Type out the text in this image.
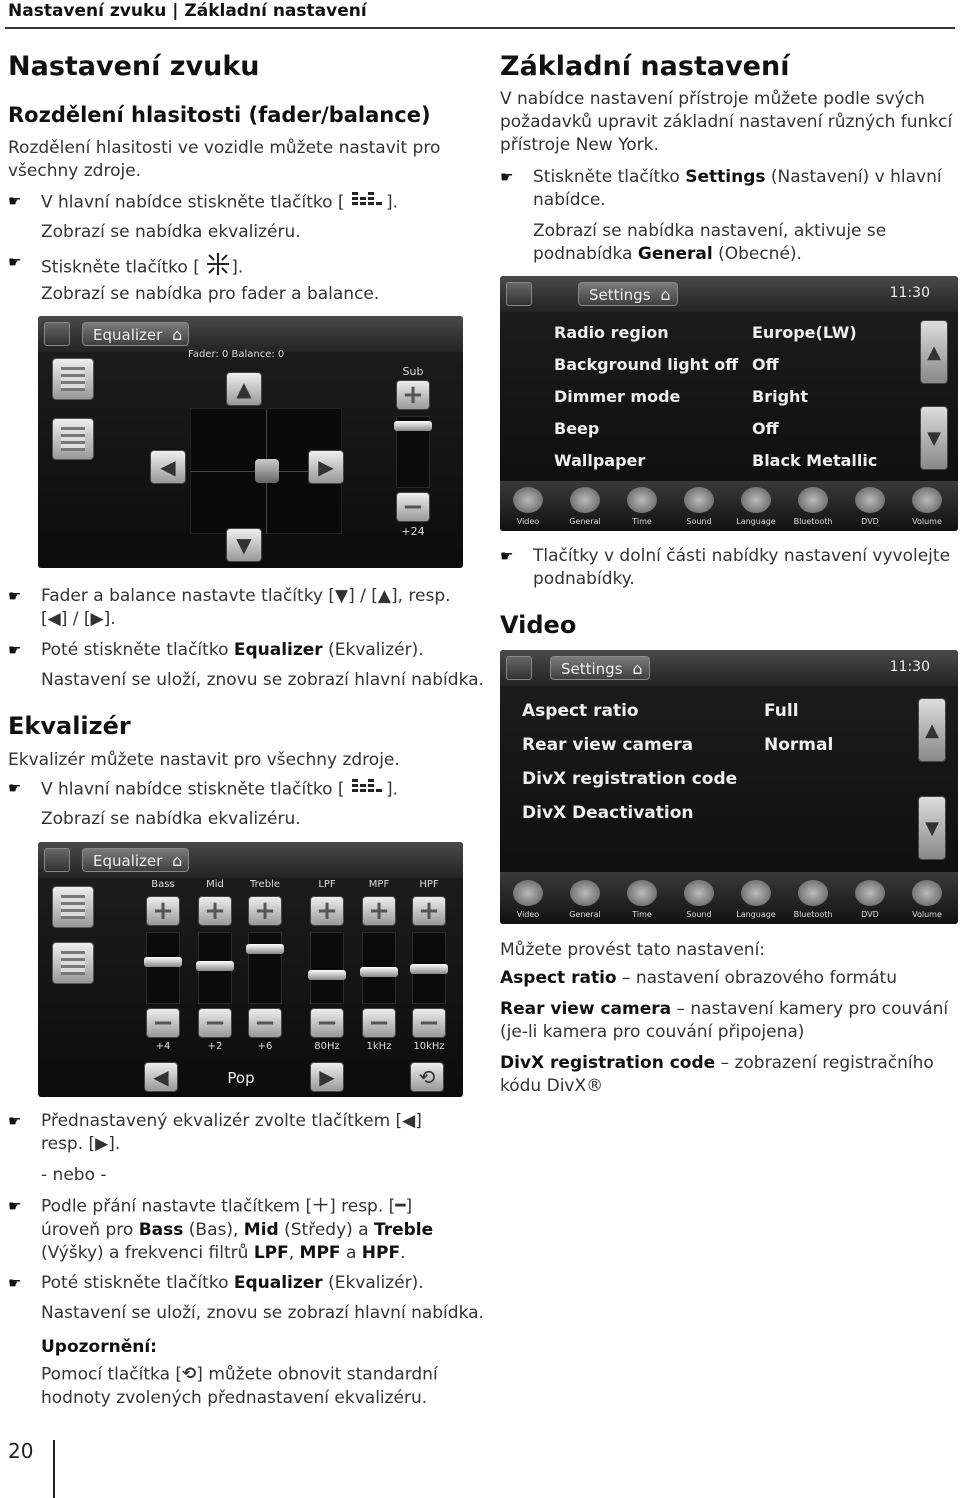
Nastavení zvuku | Základní nastavení
Nastavení zvuku
Rozdělení hlasitosti (fader/balance)
Rozdělení hlasitosti ve vozidle můžete nastavit pro všechny zdroje.
☛	V hlavní nabídce stiskněte tlačítko [ ].
Zobrazí se nabídka ekvalizéru.
☛	Stiskněte tlačítko [ ].
Zobrazí se nabídka pro fader a balance.
Equalizer ⌂
Fader: 0 Balance: 0
▲
▼
◀	▶
Sub
+
−
+24
☛	Fader a balance nastavte tlačítky [▼] / [▲], resp. [◀] / [▶].
☛	Poté stiskněte tlačítko Equalizer (Ekvalizér).
Nastavení se uloží, znovu se zobrazí hlavní nabídka.
Ekvalizér
Ekvalizér můžete nastavit pro všechny zdroje.
☛	V hlavní nabídce stiskněte tlačítko [ ].
Zobrazí se nabídka ekvalizéru.
Equalizer ⌂
Bass
+
−
+4
Mid
+
−
+2
Treble
+
−
+6
LPF
+
−
80Hz
MPF
+
−
1kHz
HPF
+
−
10kHz
◀	Pop	▶	⟲
☛	Přednastavený ekvalizér zvolte tlačítkem [◀] resp. [▶].
- nebo -
☛	Podle přání nastavte tlačítkem [＋] resp. [━] úroveň pro Bass (Bas), Mid (Středy) a Treble (Výšky) a frekvenci filtrů LPF, MPF a HPF.
☛	Poté stiskněte tlačítko Equalizer (Ekvalizér).
Nastavení se uloží, znovu se zobrazí hlavní nabídka.
Upozornění:
Pomocí tlačítka [⟲] můžete obnovit standardní hodnoty zvolených přednastavení ekvalizéru.
20
Základní nastavení
V nabídce nastavení přístroje můžete podle svých požadavků upravit základní nastavení různých funkcí přístroje New York.
☛	Stiskněte tlačítko Settings (Nastavení) v hlavní nabídce.
Zobrazí se nabídka nastavení, aktivuje se podnabídka General (Obecné).
Settings ⌂	11:30
Radio region	Europe(LW)
Background light off Off
Dimmer mode	Bright
Beep	Off
Wallpaper	Black Metallic
▲
▼
Video	General	Time	Sound	Language	Bluetooth	DVD	Volume
☛	Tlačítky v dolní části nabídky nastavení vyvolejte podnabídky.
Video
Settings ⌂	11:30
Aspect ratio	Full
Rear view camera	Normal
DivX registration code
DivX Deactivation
▲
▼
Video	General	Time	Sound	Language	Bluetooth	DVD	Volume
Můžete provést tato nastavení:
Aspect ratio – nastavení obrazového formátu
Rear view camera – nastavení kamery pro couvání (je-li kamera pro couvání připojena)
DivX registration code – zobrazení registračního kódu DivX®
